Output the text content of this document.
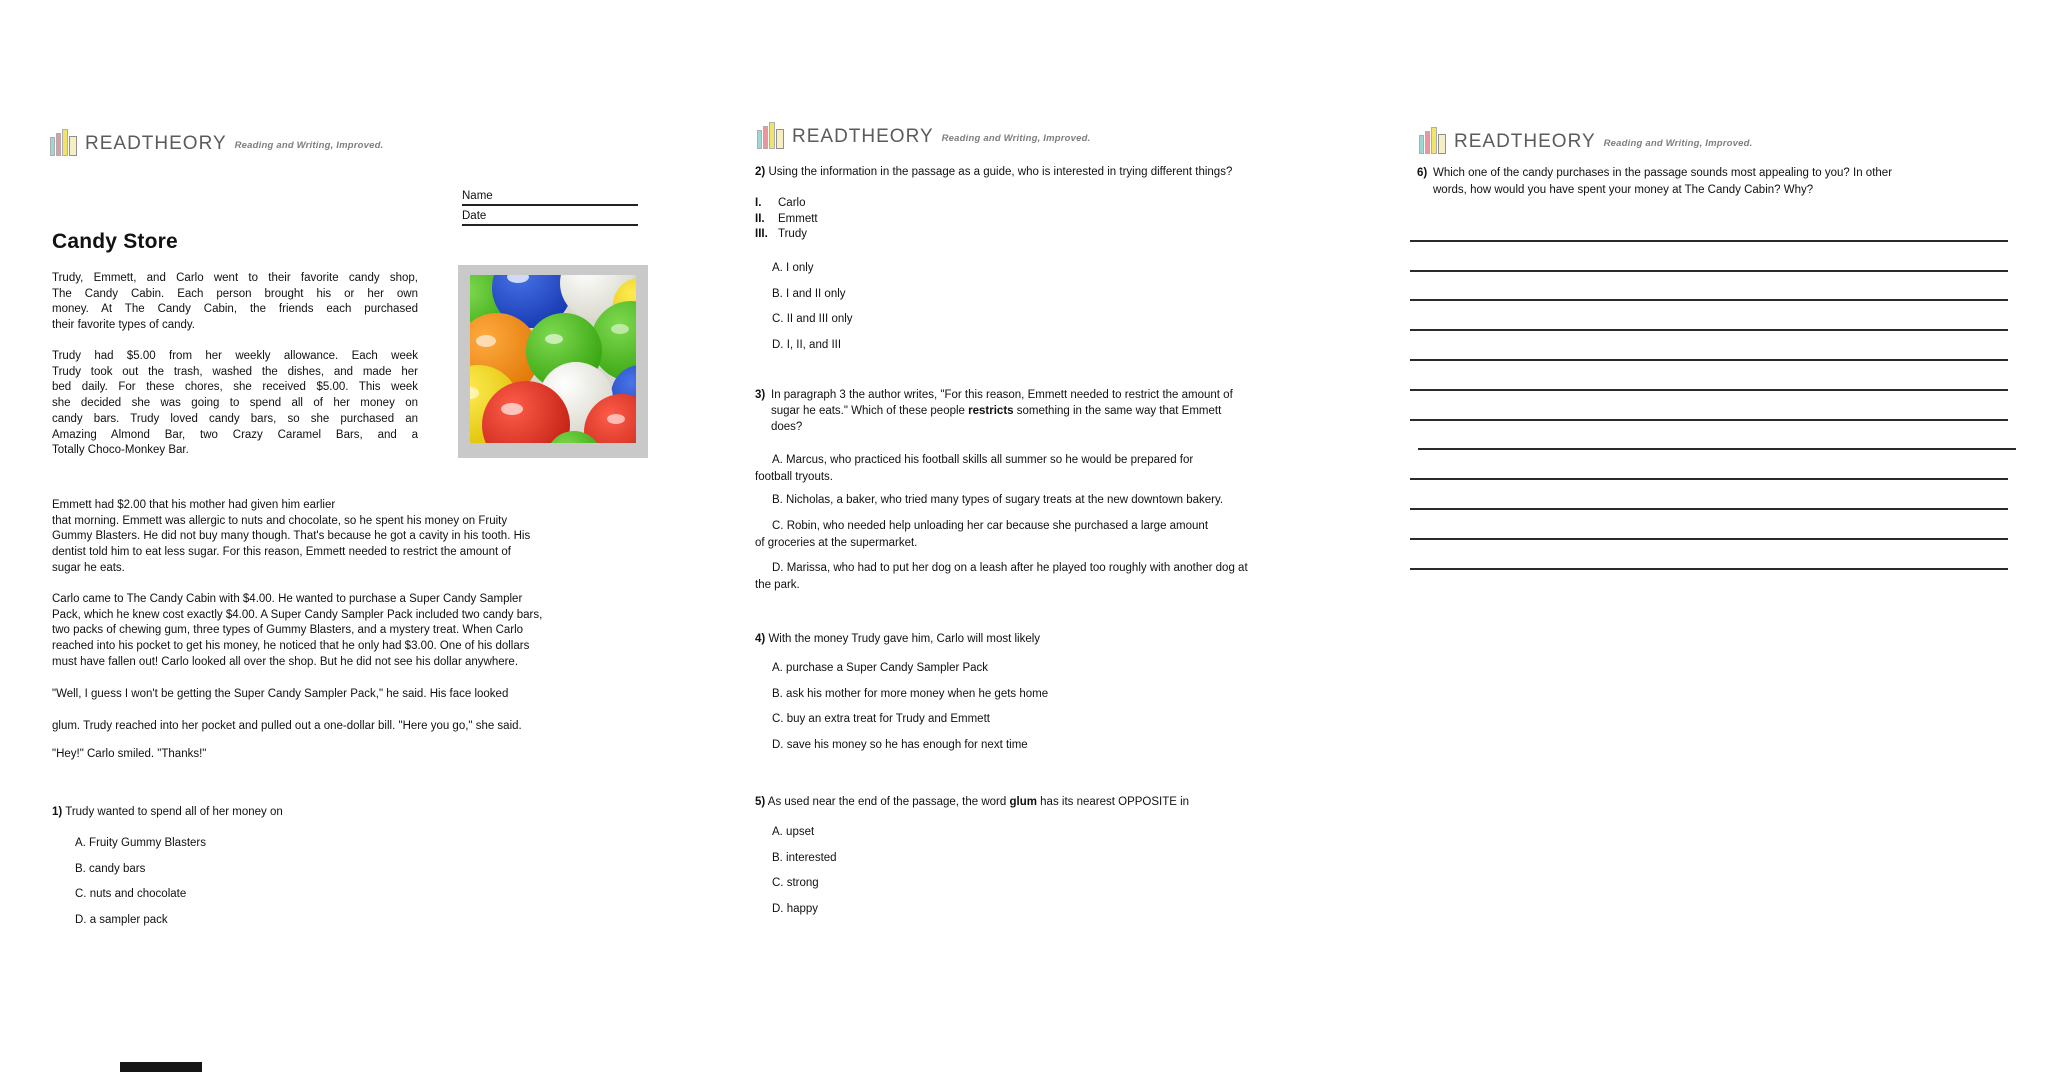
READTHEORY Reading and Writing, Improved.
Name
Date
Candy Store
Trudy, Emmett, and Carlo went to their favorite candy shop,
The Candy Cabin. Each person brought his or her own
money. At The Candy Cabin, the friends each purchased
their favorite types of candy.
Trudy had $5.00 from her weekly allowance. Each week
Trudy took out the trash, washed the dishes, and made her
bed daily. For these chores, she received $5.00. This week
she decided she was going to spend all of her money on
candy bars. Trudy loved candy bars, so she purchased an
Amazing Almond Bar, two Crazy Caramel Bars, and a
Totally Choco-Monkey Bar.
Emmett had $2.00 that his mother had given him earlier
that morning. Emmett was allergic to nuts and chocolate, so he spent his money on Fruity
Gummy Blasters. He did not buy many though. That's because he got a cavity in his tooth. His
dentist told him to eat less sugar. For this reason, Emmett needed to restrict the amount of
sugar he eats.
Carlo came to The Candy Cabin with $4.00. He wanted to purchase a Super Candy Sampler
Pack, which he knew cost exactly $4.00. A Super Candy Sampler Pack included two candy bars,
two packs of chewing gum, three types of Gummy Blasters, and a mystery treat. When Carlo
reached into his pocket to get his money, he noticed that he only had $3.00. One of his dollars
must have fallen out! Carlo looked all over the shop. But he did not see his dollar anywhere.
"Well, I guess I won't be getting the Super Candy Sampler Pack," he said. His face looked
glum. Trudy reached into her pocket and pulled out a one-dollar bill. "Here you go," she said.
"Hey!" Carlo smiled. "Thanks!"
1) Trudy wanted to spend all of her money on
A. Fruity Gummy Blasters
B. candy bars
C. nuts and chocolate
D. a sampler pack
READTHEORY Reading and Writing, Improved.
2) Using the information in the passage as a guide, who is interested in trying different things?
I. Carlo
II. Emmett
III. Trudy
A. I only
B. I and II only
C. II and III only
D. I, II, and III
3) In paragraph 3 the author writes, "For this reason, Emmett needed to restrict the amount of
sugar he eats." Which of these people restricts something in the same way that Emmett
does?
A. Marcus, who practiced his football skills all summer so he would be prepared for
football tryouts.
B. Nicholas, a baker, who tried many types of sugary treats at the new downtown bakery.
C. Robin, who needed help unloading her car because she purchased a large amount
of groceries at the supermarket.
D. Marissa, who had to put her dog on a leash after he played too roughly with another dog at
the park.
4) With the money Trudy gave him, Carlo will most likely
A. purchase a Super Candy Sampler Pack
B. ask his mother for more money when he gets home
C. buy an extra treat for Trudy and Emmett
D. save his money so he has enough for next time
5) As used near the end of the passage, the word glum has its nearest OPPOSITE in
A. upset
B. interested
C. strong
D. happy
READTHEORY Reading and Writing, Improved.
6) Which one of the candy purchases in the passage sounds most appealing to you? In other
words, how would you have spent your money at The Candy Cabin? Why?
